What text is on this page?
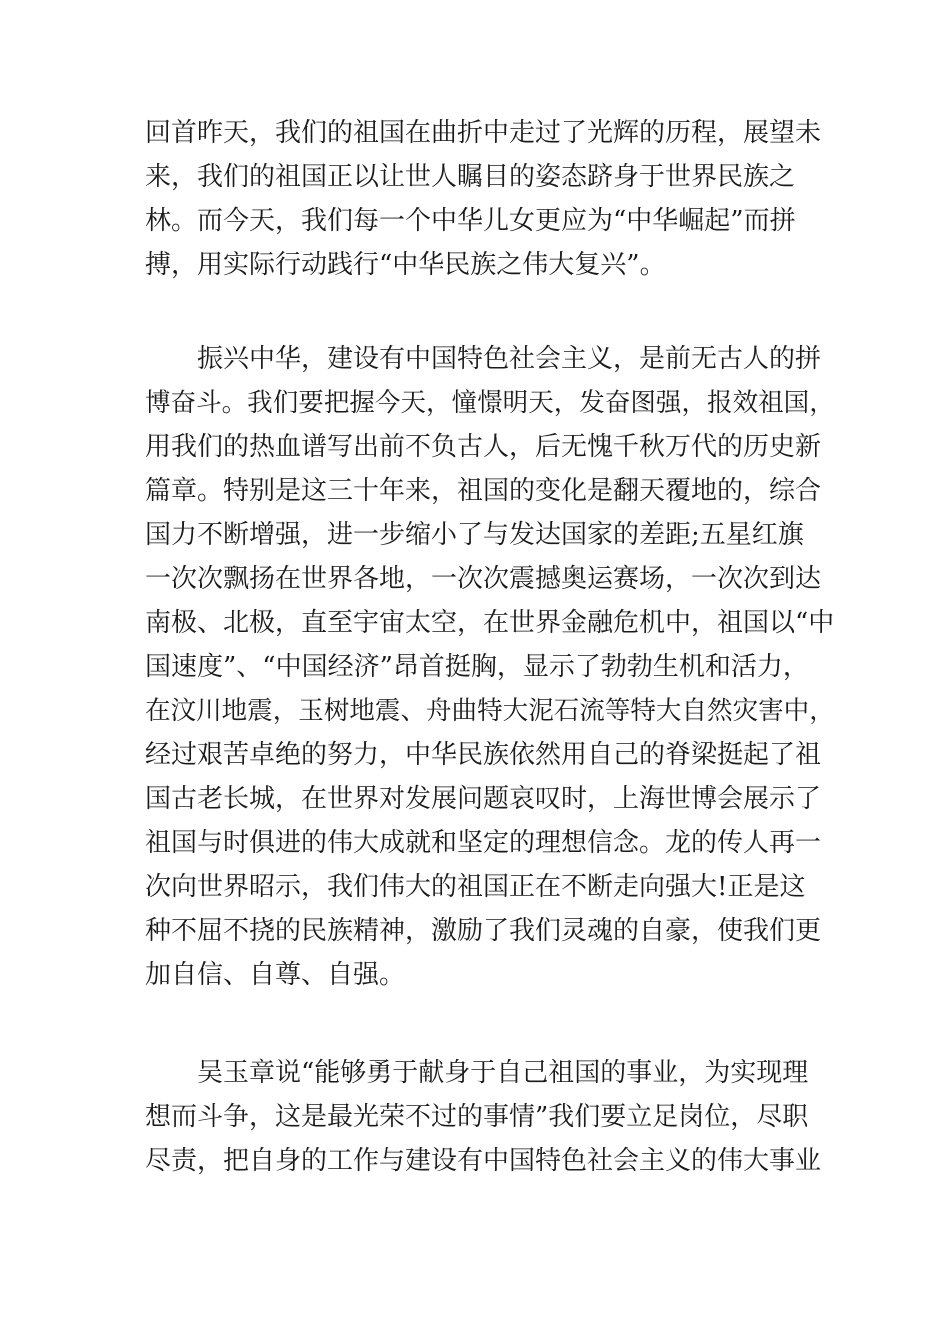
回首昨天，我们的祖国在曲折中走过了光辉的历程，展望未
来，我们的祖国正以让世人瞩目的姿态跻身于世界民族之
林。而今天，我们每一个中华儿女更应为“中华崛起”而拼
搏，用实际行动践行“中华民族之伟大复兴”。
振兴中华，建设有中国特色社会主义，是前无古人的拼
博奋斗。我们要把握今天，憧憬明天，发奋图强，报效祖国，
用我们的热血谱写出前不负古人，后无愧千秋万代的历史新
篇章。特别是这三十年来，祖国的变化是翻天覆地的，综合
国力不断增强，进一步缩小了与发达国家的差距;五星红旗
一次次飘扬在世界各地，一次次震撼奥运赛场，一次次到达
南极、北极，直至宇宙太空，在世界金融危机中，祖国以“中
国速度”、“中国经济”昂首挺胸，显示了勃勃生机和活力，
在汶川地震，玉树地震、舟曲特大泥石流等特大自然灾害中，
经过艰苦卓绝的努力，中华民族依然用自己的脊梁挺起了祖
国古老长城，在世界对发展问题哀叹时，上海世博会展示了
祖国与时俱进的伟大成就和坚定的理想信念。龙的传人再一
次向世界昭示，我们伟大的祖国正在不断走向强大!正是这
种不屈不挠的民族精神，激励了我们灵魂的自豪，使我们更
加自信、自尊、自强。
吴玉章说“能够勇于献身于自己祖国的事业，为实现理
想而斗争，这是最光荣不过的事情”我们要立足岗位，尽职
尽责，把自身的工作与建设有中国特色社会主义的伟大事业
